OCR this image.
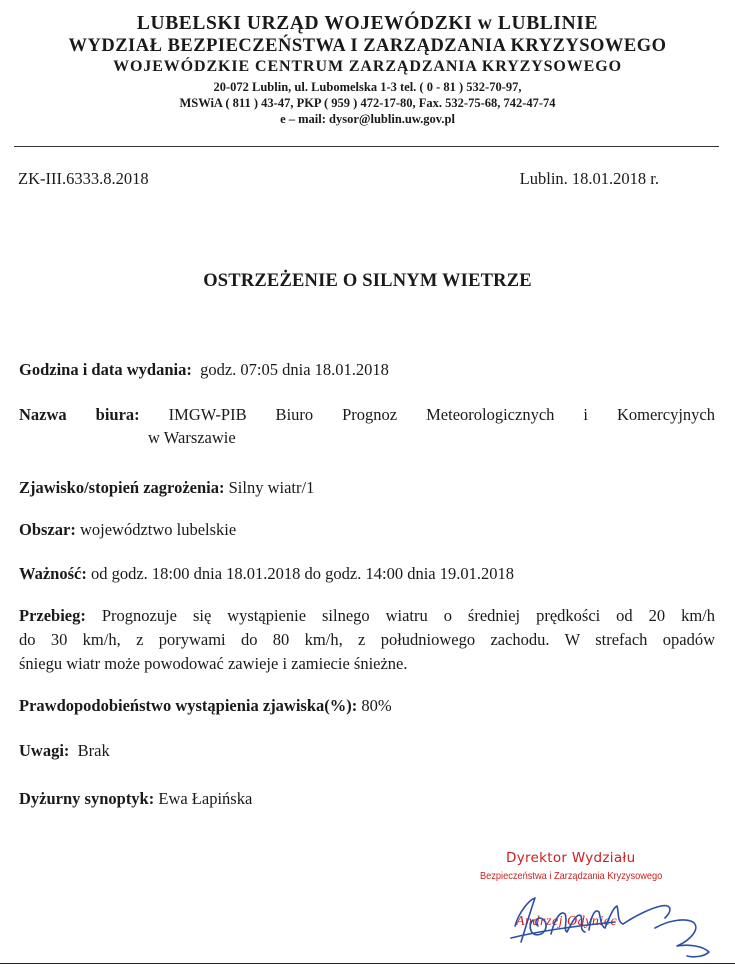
LUBELSKI URZĄD WOJEWÓDZKI w LUBLINIE
WYDZIAŁ BEZPIECZEŃSTWA I ZARZĄDZANIA KRYZYSOWEGO
WOJEWÓDZKIE CENTRUM ZARZĄDZANIA KRYZYSOWEGO
20-072 Lublin, ul. Lubomelska 1-3 tel. ( 0 - 81 ) 532-70-97,
MSWiA ( 811 ) 43-47, PKP ( 959 ) 472-17-80, Fax. 532-75-68, 742-47-74
e – mail: dysor@lublin.uw.gov.pl
ZK-III.6333.8.2018	Lublin. 18.01.2018 r.
OSTRZEŻENIE O SILNYM WIETRZE
Godzina i data wydania: godz. 07:05 dnia 18.01.2018
Nazwa biura: IMGW-PIB Biuro Prognoz Meteorologicznych i Komercyjnych
w Warszawie
Zjawisko/stopień zagrożenia: Silny wiatr/1
Obszar: województwo lubelskie
Ważność: od godz. 18:00 dnia 18.01.2018 do godz. 14:00 dnia 19.01.2018
Przebieg: Prognozuje się wystąpienie silnego wiatru o średniej prędkości od 20 km/h
do 30 km/h, z porywami do 80 km/h, z południowego zachodu. W strefach opadów
śniegu wiatr może powodować zawieje i zamiecie śnieżne.
Prawdopodobieństwo wystąpienia zjawiska(%): 80%
Uwagi: Brak
Dyżurny synoptyk: Ewa Łapińska
Dyrektor Wydziału
Bezpieczeństwa i Zarządzania Kryzysowego
Andrzej Odyniec
